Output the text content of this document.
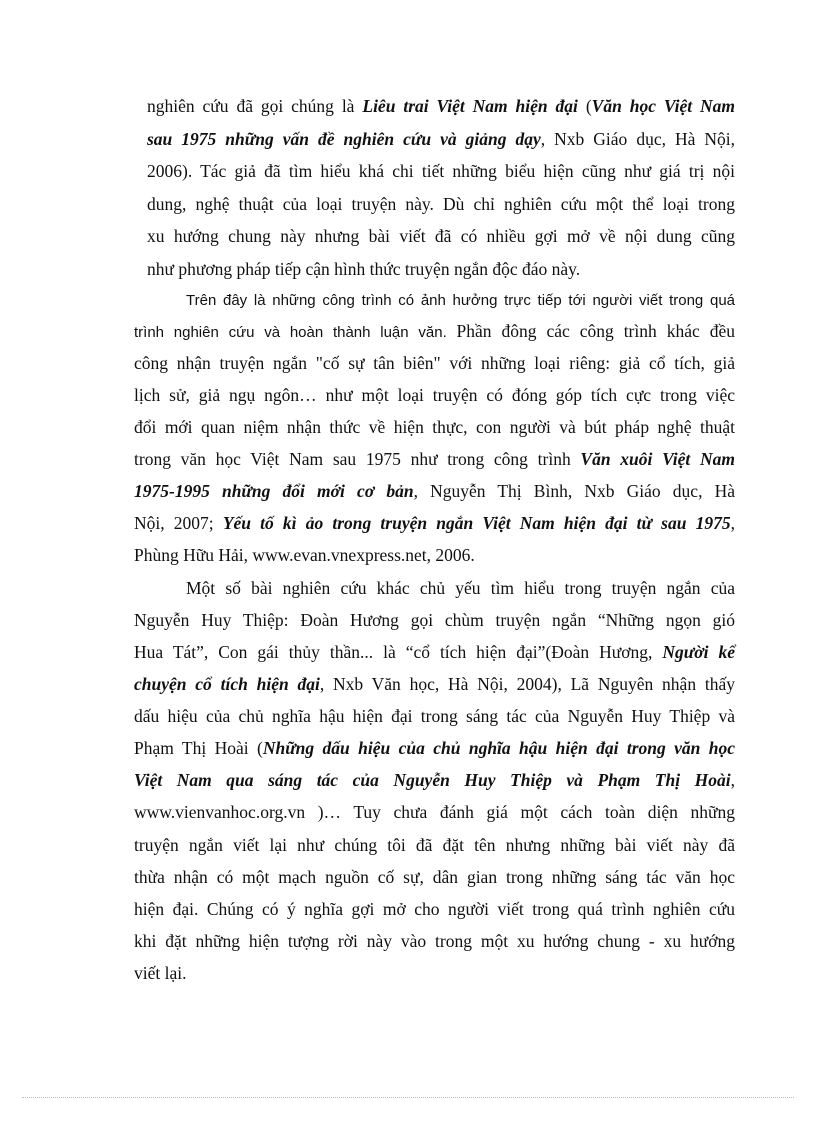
nghiên cứu đã gọi chúng là Liêu trai Việt Nam hiện đại (Văn học Việt Nam
sau 1975 những vấn đề nghiên cứu và giảng dạy, Nxb Giáo dục, Hà Nội,
2006). Tác giả đã tìm hiểu khá chi tiết những biểu hiện cũng như giá trị nội
dung, nghệ thuật của loại truyện này. Dù chỉ nghiên cứu một thể loại trong
xu hướng chung này nhưng bài viết đã có nhiều gợi mở về nội dung cũng
như phương pháp tiếp cận hình thức truyện ngắn độc đáo này.
Trên đây là những công trình có ảnh hưởng trực tiếp tới người viết trong quá
trình nghiên cứu và hoàn thành luận văn. Phần đông các công trình khác đều
công nhận truyện ngắn "cố sự tân biên" với những loại riêng: giả cổ tích, giả
lịch sử, giả ngụ ngôn… như một loại truyện có đóng góp tích cực trong việc
đổi mới quan niệm nhận thức về hiện thực, con người và bút pháp nghệ thuật
trong văn học Việt Nam sau 1975 như trong công trình Văn xuôi Việt Nam
1975-1995 những đổi mới cơ bản, Nguyễn Thị Bình, Nxb Giáo dục, Hà
Nội, 2007; Yếu tố kì ảo trong truyện ngắn Việt Nam hiện đại từ sau 1975,
Phùng Hữu Hải, www.evan.vnexpress.net, 2006.
Một số bài nghiên cứu khác chủ yếu tìm hiểu trong truyện ngắn của
Nguyễn Huy Thiệp: Đoàn Hương gọi chùm truyện ngắn “Những ngọn gió
Hua Tát”, Con gái thủy thần... là “cổ tích hiện đại”(Đoàn Hương, Người kể
chuyện cổ tích hiện đại, Nxb Văn học, Hà Nội, 2004), Lã Nguyên nhận thấy
dấu hiệu của chủ nghĩa hậu hiện đại trong sáng tác của Nguyễn Huy Thiệp và
Phạm Thị Hoài (Những dấu hiệu của chủ nghĩa hậu hiện đại trong văn học
Việt Nam qua sáng tác của Nguyễn Huy Thiệp và Phạm Thị Hoài,
www.vienvanhoc.org.vn )… Tuy chưa đánh giá một cách toàn diện những
truyện ngắn viết lại như chúng tôi đã đặt tên nhưng những bài viết này đã
thừa nhận có một mạch nguồn cố sự, dân gian trong những sáng tác văn học
hiện đại. Chúng có ý nghĩa gợi mở cho người viết trong quá trình nghiên cứu
khi đặt những hiện tượng rời này vào trong một xu hướng chung - xu hướng
viết lại.
